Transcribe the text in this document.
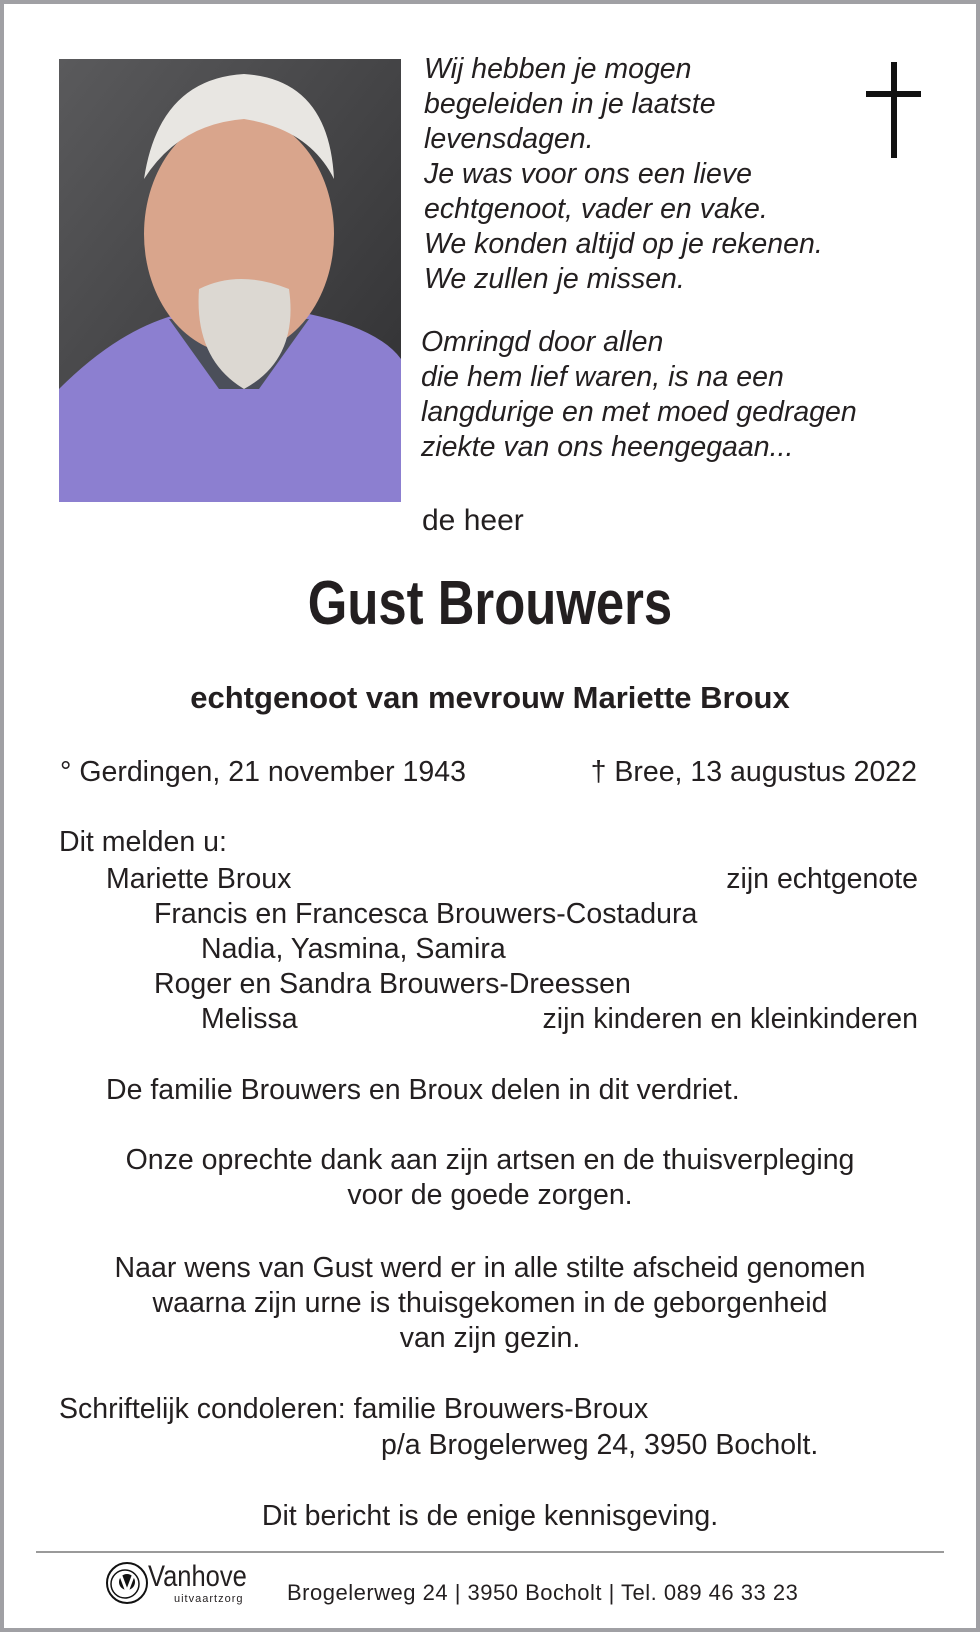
Wij hebben je mogen
begeleiden in je laatste
levensdagen.
Je was voor ons een lieve
echtgenoot, vader en vake.
We konden altijd op je rekenen.
We zullen je missen.
Omringd door allen
die hem lief waren, is na een
langdurige en met moed gedragen
ziekte van ons heengegaan...
de heer
Gust Brouwers
echtgenoot van mevrouw Mariette Broux
° Gerdingen, 21 november 1943	† Bree, 13 augustus 2022
Dit melden u:
Mariette Broux	zijn echtgenote
Francis en Francesca Brouwers-Costadura
Nadia, Yasmina, Samira
Roger en Sandra Brouwers-Dreessen
Melissa	zijn kinderen en kleinkinderen
De familie Brouwers en Broux delen in dit verdriet.
Onze oprechte dank aan zijn artsen en de thuisverpleging
voor de goede zorgen.
Naar wens van Gust werd er in alle stilte afscheid genomen
waarna zijn urne is thuisgekomen in de geborgenheid
van zijn gezin.
Schriftelijk condoleren: familie Brouwers-Broux
p/a Brogelerweg 24, 3950 Bocholt.
Dit bericht is de enige kennisgeving.
Vanhove
uitvaartzorg Brogelerweg 24 | 3950 Bocholt | Tel. 089 46 33 23
